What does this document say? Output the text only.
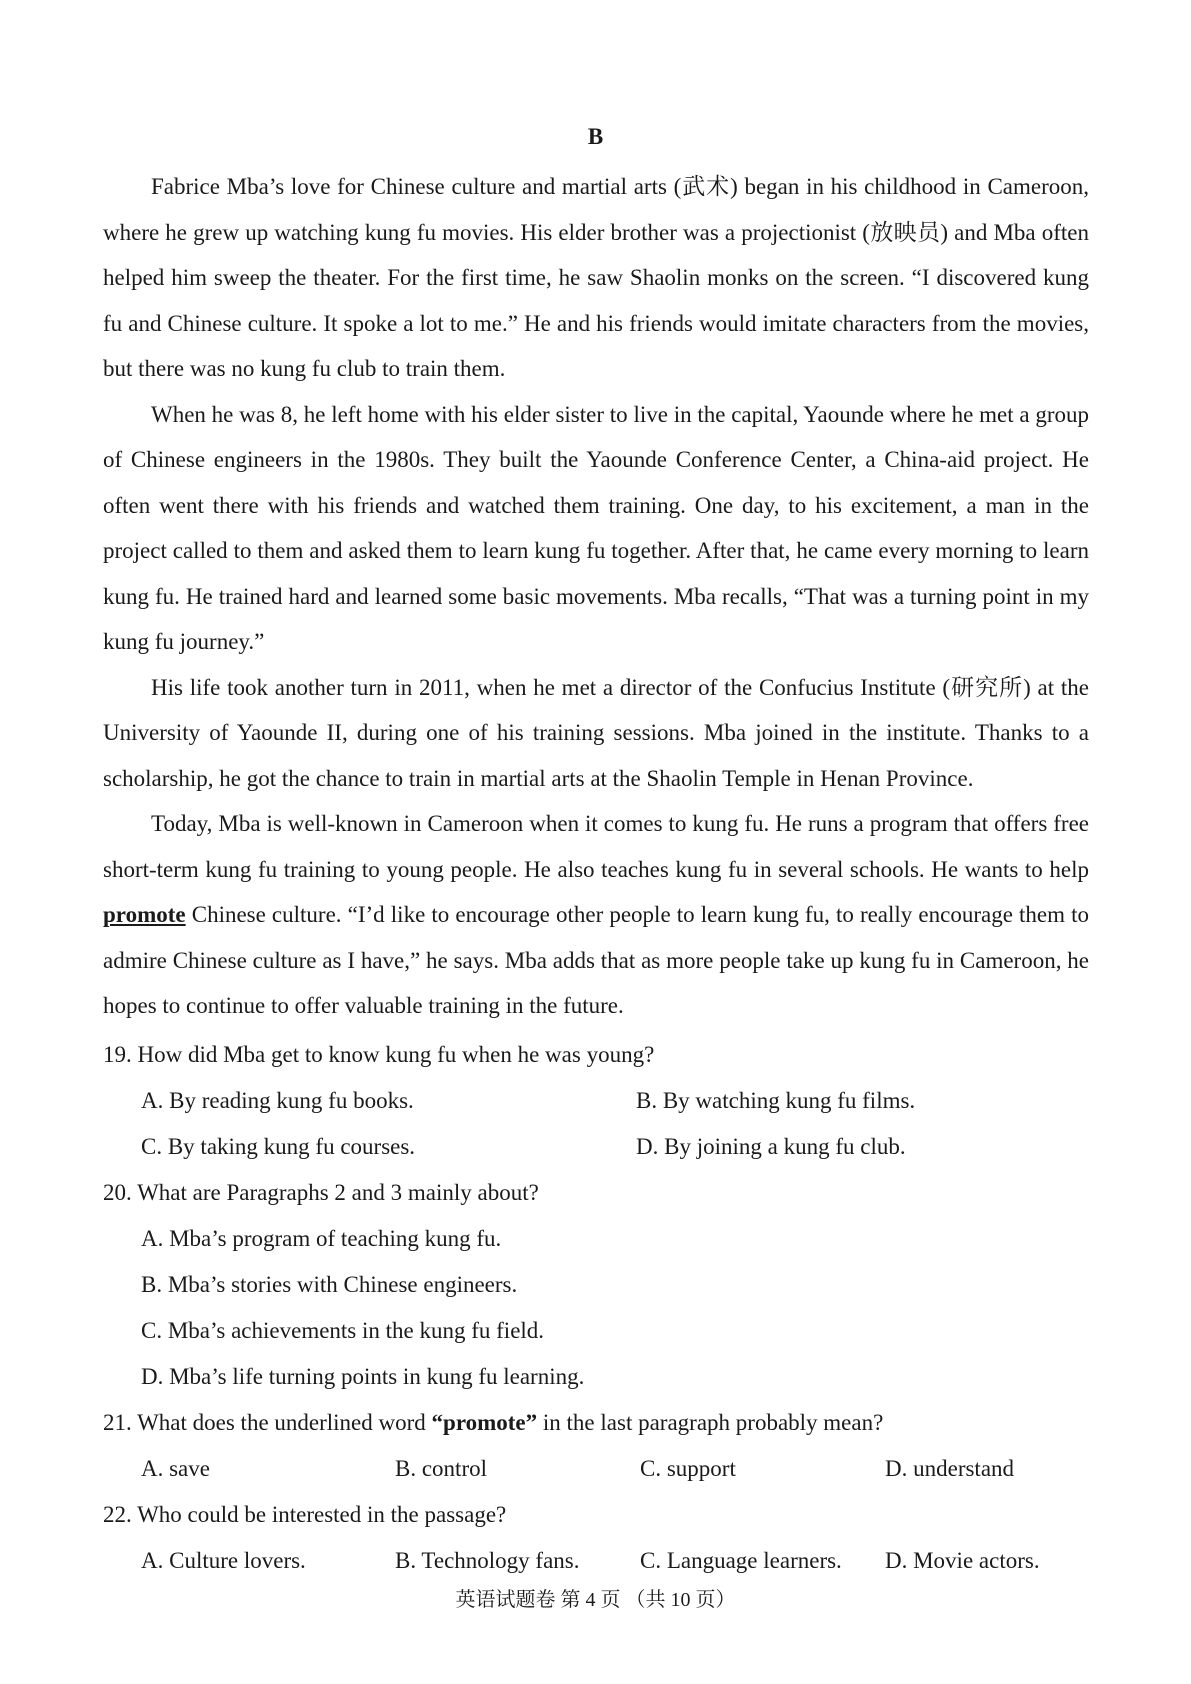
B

Fabrice Mba’s love for Chinese culture and martial arts (武术) began in his childhood in Cameroon, where he grew up watching kung fu movies. His elder brother was a projectionist (放映员) and Mba often helped him sweep the theater. For the first time, he saw Shaolin monks on the screen. “I discovered kung fu and Chinese culture. It spoke a lot to me.” He and his friends would imitate characters from the movies, but there was no kung fu club to train them.

When he was 8, he left home with his elder sister to live in the capital, Yaounde where he met a group of Chinese engineers in the 1980s. They built the Yaounde Conference Center, a China-aid project. He often went there with his friends and watched them training. One day, to his excitement, a man in the project called to them and asked them to learn kung fu together. After that, he came every morning to learn kung fu. He trained hard and learned some basic movements. Mba recalls, “That was a turning point in my kung fu journey.”

His life took another turn in 2011, when he met a director of the Confucius Institute (研究所) at the University of Yaounde II, during one of his training sessions. Mba joined in the institute. Thanks to a scholarship, he got the chance to train in martial arts at the Shaolin Temple in Henan Province.

Today, Mba is well-known in Cameroon when it comes to kung fu. He runs a program that offers free short-term kung fu training to young people. He also teaches kung fu in several schools. He wants to help promote Chinese culture. “I’d like to encourage other people to learn kung fu, to really encourage them to admire Chinese culture as I have,” he says. Mba adds that as more people take up kung fu in Cameroon, he hopes to continue to offer valuable training in the future.

19. How did Mba get to know kung fu when he was young?

A. By reading kung fu books.	B. By watching kung fu films.
C. By taking kung fu courses.	D. By joining a kung fu club.

20. What are Paragraphs 2 and 3 mainly about?

A. Mba’s program of teaching kung fu.
B. Mba’s stories with Chinese engineers.
C. Mba’s achievements in the kung fu field.
D. Mba’s life turning points in kung fu learning.

21. What does the underlined word “promote” in the last paragraph probably mean?

A. save	B. control	C. support	D. understand

22. Who could be interested in the passage?

A. Culture lovers.	B. Technology fans.	C. Language learners. D. Movie actors.
英语试题卷 第 4 页 （共 10 页）
